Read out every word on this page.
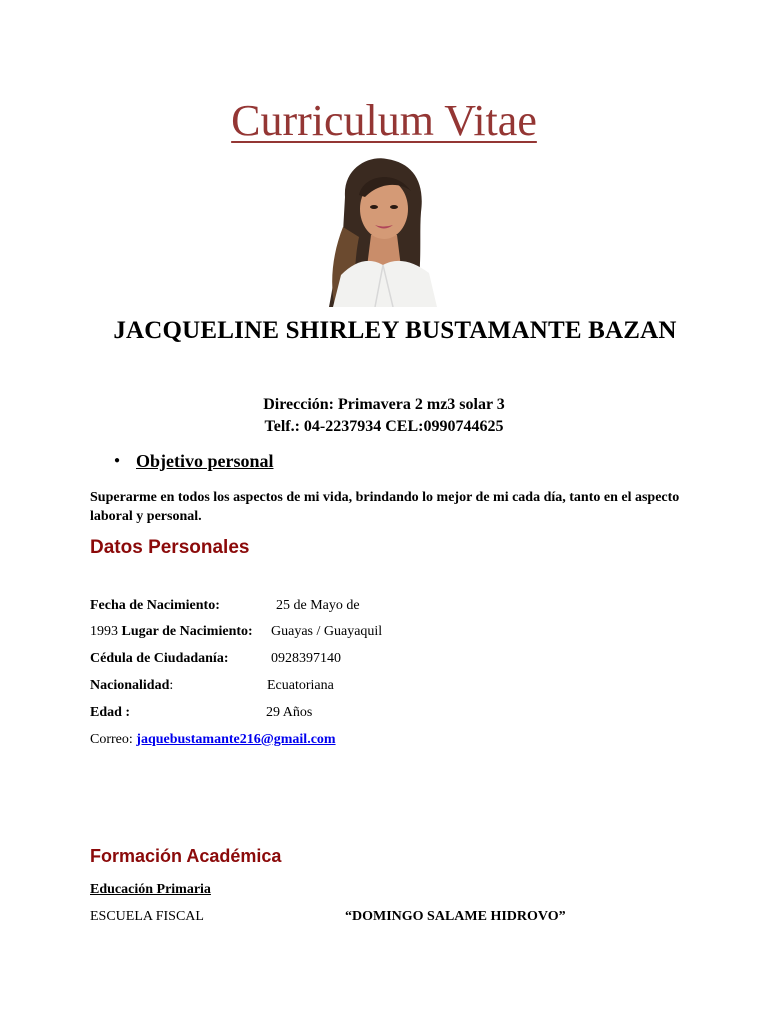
Curriculum Vitae
JACQUELINE SHIRLEY BUSTAMANTE BAZAN
Dirección: Primavera 2 mz3 solar 3
Telf.: 04-2237934 CEL:0990744625
● Objetivo personal
Superarme en todos los aspectos de mi vida, brindando lo mejor de mi cada día, tanto en el aspecto laboral y personal.
Datos Personales
Fecha de Nacimiento:	25 de Mayo de
1993 Lugar de Nacimiento: Guayas / Guayaquil
Cédula de Ciudadanía:	0928397140
Nacionalidad:	Ecuatoriana
Edad :	29 Años
Correo: jaquebustamante216@gmail.com
Formación Académica
Educación Primaria
ESCUELA FISCAL	“DOMINGO SALAME HIDROVO”
